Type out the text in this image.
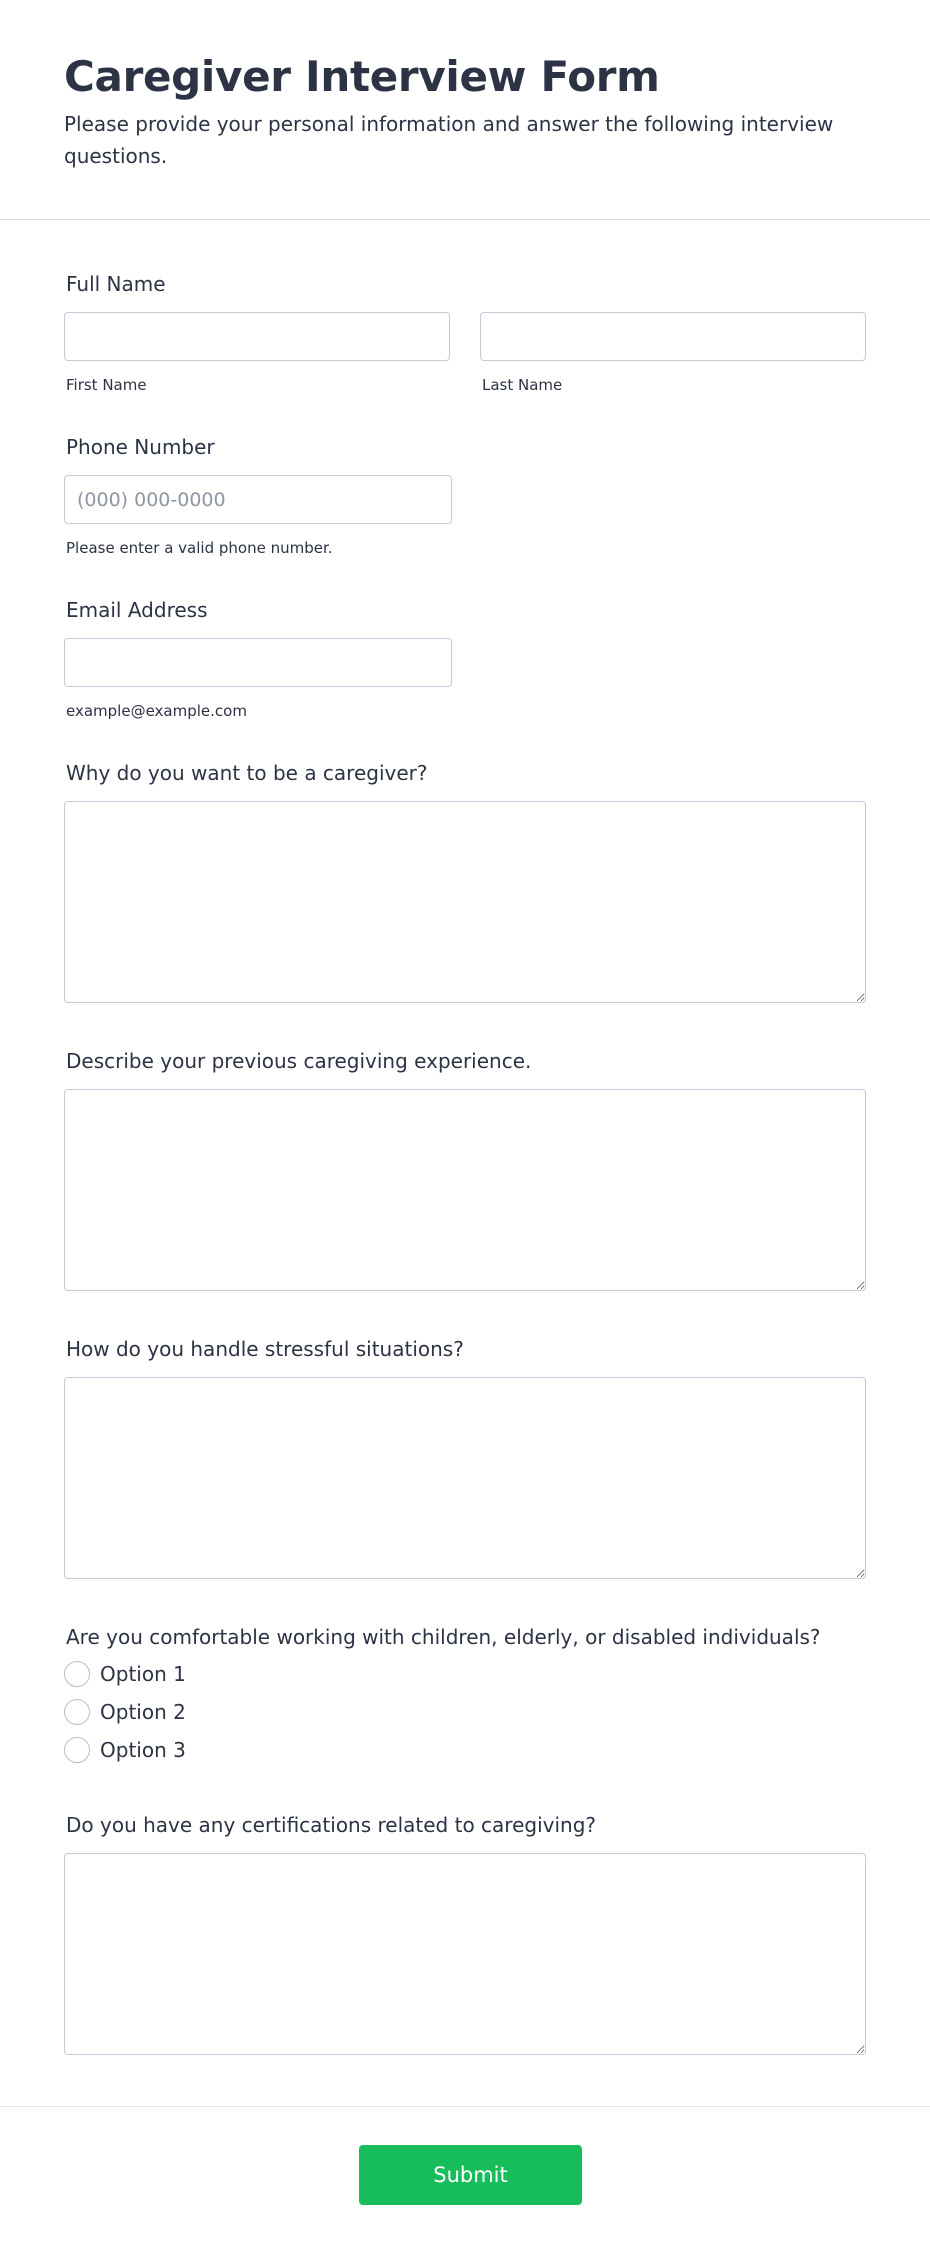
Caregiver Interview Form

Please provide your personal information and answer the following interview questions.

Full Name
First Name	Last Name
Phone Number
(000) 000-0000
Please enter a valid phone number.
Email Address
example@example.com
Why do you want to be a caregiver?
Describe your previous caregiving experience.
How do you handle stressful situations?
Are you comfortable working with children, elderly, or disabled individuals?
Option 1
Option 2
Option 3
Do you have any certifications related to caregiving?
Submit
